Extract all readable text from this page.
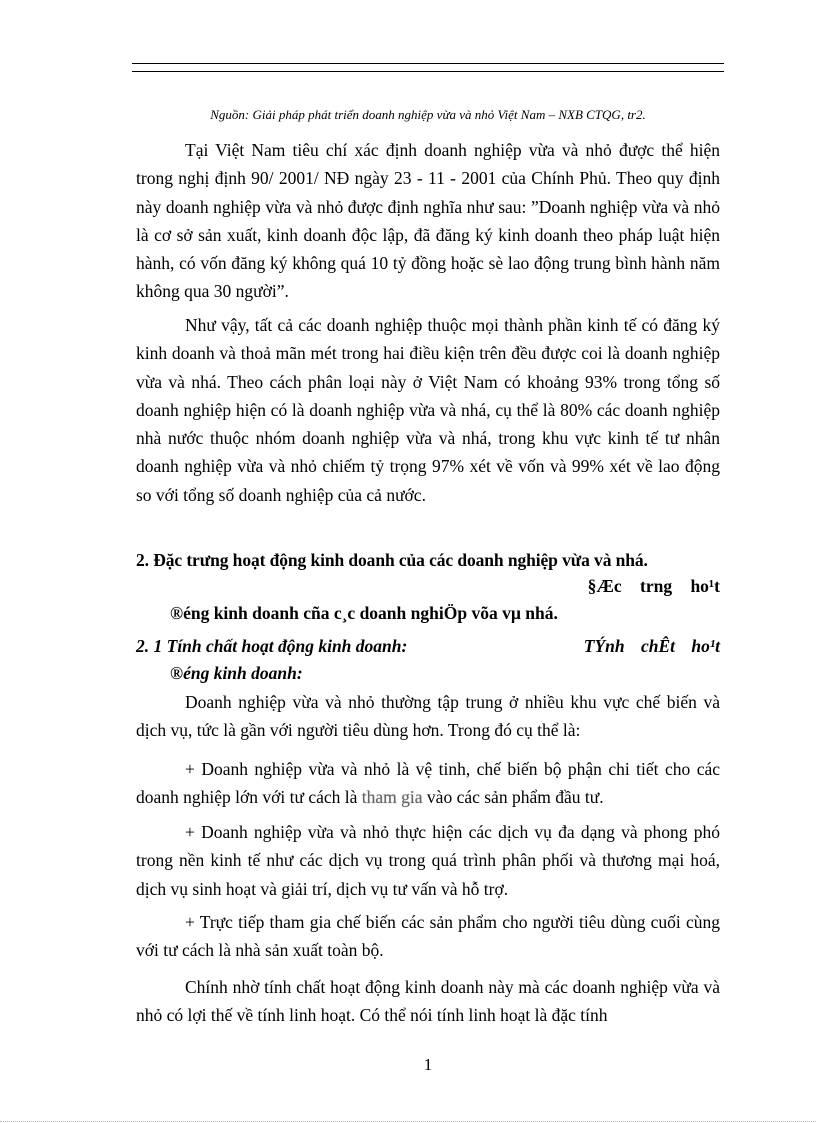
Nguồn: Giải pháp phát triển doanh nghiệp vừa và nhỏ Việt Nam – NXB CTQG, tr2.

Tại Việt Nam tiêu chí xác định doanh nghiệp vừa và nhỏ được thể hiện trong nghị định 90/ 2001/ NĐ ngày 23 - 11 - 2001 của Chính Phủ. Theo quy định này doanh nghiệp vừa và nhỏ được định nghĩa như sau: ”Doanh nghiệp vừa và nhỏ là cơ sở sản xuất, kinh doanh độc lập, đã đăng ký kinh doanh theo pháp luật hiện hành, có vốn đăng ký không quá 10 tỷ đồng hoặc sè lao động trung bình hành năm không qua 30 người”.

Như vậy, tất cả các doanh nghiệp thuộc mọi thành phần kinh tế có đăng ký kinh doanh và thoả mãn mét trong hai điều kiện trên đều được coi là doanh nghiệp vừa và nhá. Theo cách phân loại này ở Việt Nam có khoảng 93% trong tổng số doanh nghiệp hiện có là doanh nghiệp vừa và nhá, cụ thể là 80% các doanh nghiệp nhà nước thuộc nhóm doanh nghiệp vừa và nhá, trong khu vực kinh tế tư nhân doanh nghiệp vừa và nhỏ chiếm tỷ trọng 97% xét về vốn và 99% xét về lao động so với tổng số doanh nghiệp của cả nước.

2. Đặc trưng hoạt động kinh doanh của các doanh nghiệp vừa và nhá.
§Æc trng ho¹t
®éng kinh doanh cña c¸c doanh nghiÖp võa vµ nhá.
2. 1 Tính chất hoạt động kinh doanh:	TÝnh chÊt ho¹t
®éng kinh doanh:

Doanh nghiệp vừa và nhỏ thường tập trung ở nhiều khu vực chế biến và dịch vụ, tức là gần với người tiêu dùng hơn. Trong đó cụ thể là:

+ Doanh nghiệp vừa và nhỏ là vệ tinh, chế biến bộ phận chi tiết cho các doanh nghiệp lớn với tư cách là tham gia vào các sản phẩm đầu tư.

+ Doanh nghiệp vừa và nhỏ thực hiện các dịch vụ đa dạng và phong phó trong nền kinh tế như các dịch vụ trong quá trình phân phối và thương mại hoá, dịch vụ sinh hoạt và giải trí, dịch vụ tư vấn và hỗ trợ.

+ Trực tiếp tham gia chế biến các sản phẩm cho người tiêu dùng cuối cùng với tư cách là nhà sản xuất toàn bộ.

Chính nhờ tính chất hoạt động kinh doanh này mà các doanh nghiệp vừa và nhỏ có lợi thế về tính linh hoạt. Có thể nói tính linh hoạt là đặc tính

1
